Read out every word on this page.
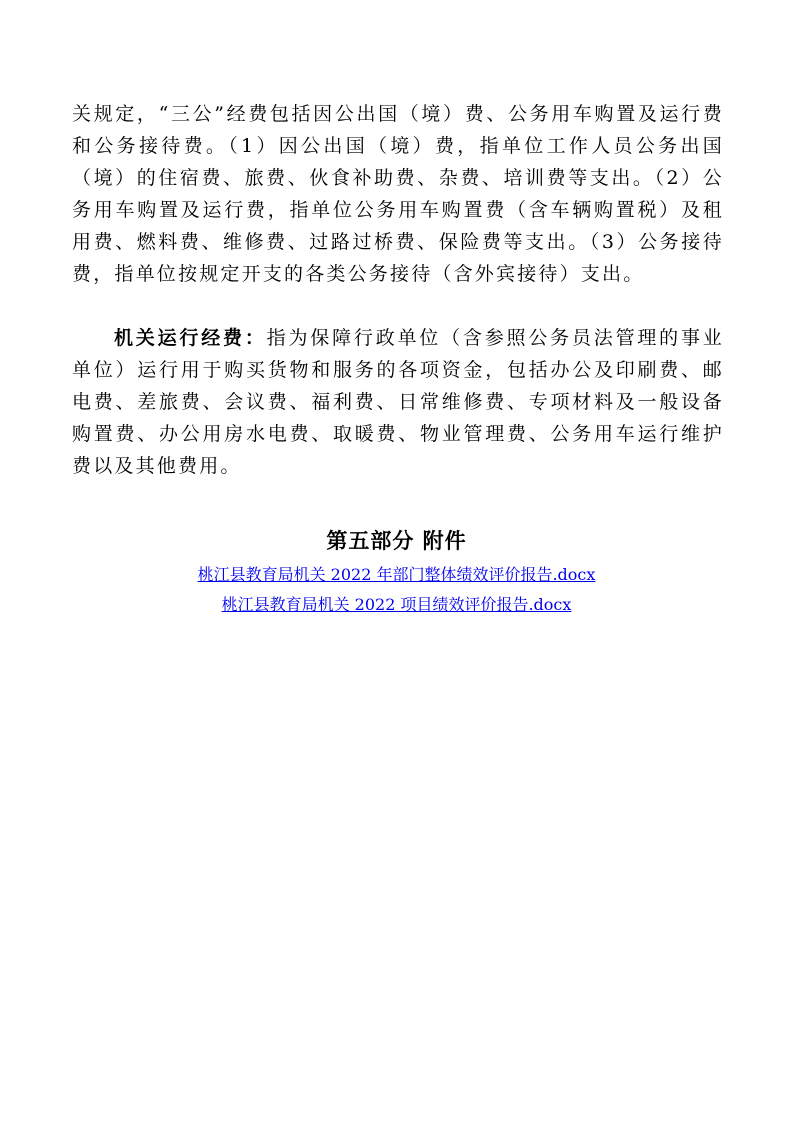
关规定，“三公”经费包括因公出国（境）费、公务用车购置及运行费和公务接待费。（1）因公出国（境）费，指单位工作人员公务出国（境）的住宿费、旅费、伙食补助费、杂费、培训费等支出。（2）公务用车购置及运行费，指单位公务用车购置费（含车辆购置税）及租用费、燃料费、维修费、过路过桥费、保险费等支出。（3）公务接待费，指单位按规定开支的各类公务接待（含外宾接待）支出。
机关运行经费：指为保障行政单位（含参照公务员法管理的事业单位）运行用于购买货物和服务的各项资金，包括办公及印刷费、邮电费、差旅费、会议费、福利费、日常维修费、专项材料及一般设备购置费、办公用房水电费、取暖费、物业管理费、公务用车运行维护费以及其他费用。
第五部分 附件
桃江县教育局机关 2022 年部门整体绩效评价报告.docx
桃江县教育局机关 2022 项目绩效评价报告.docx
